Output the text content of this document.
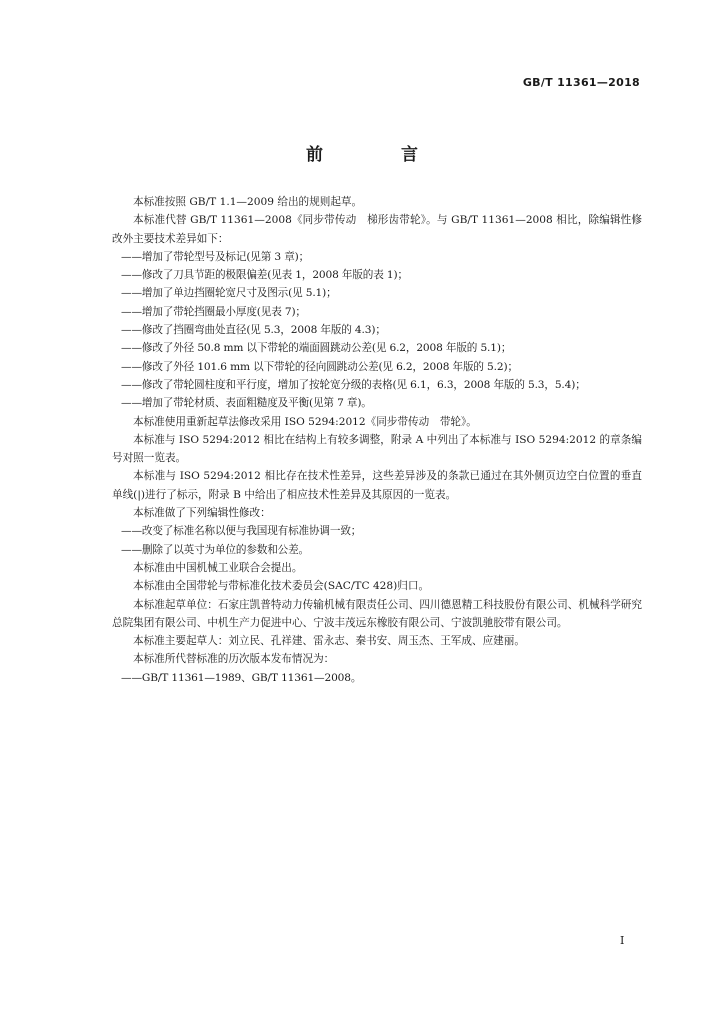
GB/T 11361—2018
前 言

本标准按照 GB/T 1.1—2009 给出的规则起草。

本标准代替 GB/T 11361—2008《同步带传动　梯形齿带轮》。与 GB/T 11361—2008 相比，除编辑性修改外主要技术差异如下：

——增加了带轮型号及标记(见第 3 章)；

——修改了刀具节距的极限偏差(见表 1，2008 年版的表 1)；

——增加了单边挡圈轮宽尺寸及图示(见 5.1)；

——增加了带轮挡圈最小厚度(见表 7)；

——修改了挡圈弯曲处直径(见 5.3，2008 年版的 4.3)；

——修改了外径 50.8 mm 以下带轮的端面圆跳动公差(见 6.2，2008 年版的 5.1)；

——修改了外径 101.6 mm 以下带轮的径向圆跳动公差(见 6.2，2008 年版的 5.2)；

——修改了带轮圆柱度和平行度，增加了按轮宽分级的表格(见 6.1，6.3，2008 年版的 5.3，5.4)；

——增加了带轮材质、表面粗糙度及平衡(见第 7 章)。

本标准使用重新起草法修改采用 ISO 5294:2012《同步带传动　带轮》。

本标准与 ISO 5294:2012 相比在结构上有较多调整，附录 A 中列出了本标准与 ISO 5294:2012 的章条编号对照一览表。

本标准与 ISO 5294:2012 相比存在技术性差异，这些差异涉及的条款已通过在其外侧页边空白位置的垂直单线(|)进行了标示，附录 B 中给出了相应技术性差异及其原因的一览表。

本标准做了下列编辑性修改：

——改变了标准名称以便与我国现有标准协调一致；

——删除了以英寸为单位的参数和公差。

本标准由中国机械工业联合会提出。

本标准由全国带轮与带标准化技术委员会(SAC/TC 428)归口。

本标准起草单位：石家庄凯普特动力传输机械有限责任公司、四川德恩精工科技股份有限公司、机械科学研究总院集团有限公司、中机生产力促进中心、宁波丰茂远东橡胶有限公司、宁波凯驰胶带有限公司。

本标准主要起草人：刘立民、孔祥建、雷永志、秦书安、周玉杰、王军成、应建丽。

本标准所代替标准的历次版本发布情况为：

——GB/T 11361—1989、GB/T 11361—2008。

I
